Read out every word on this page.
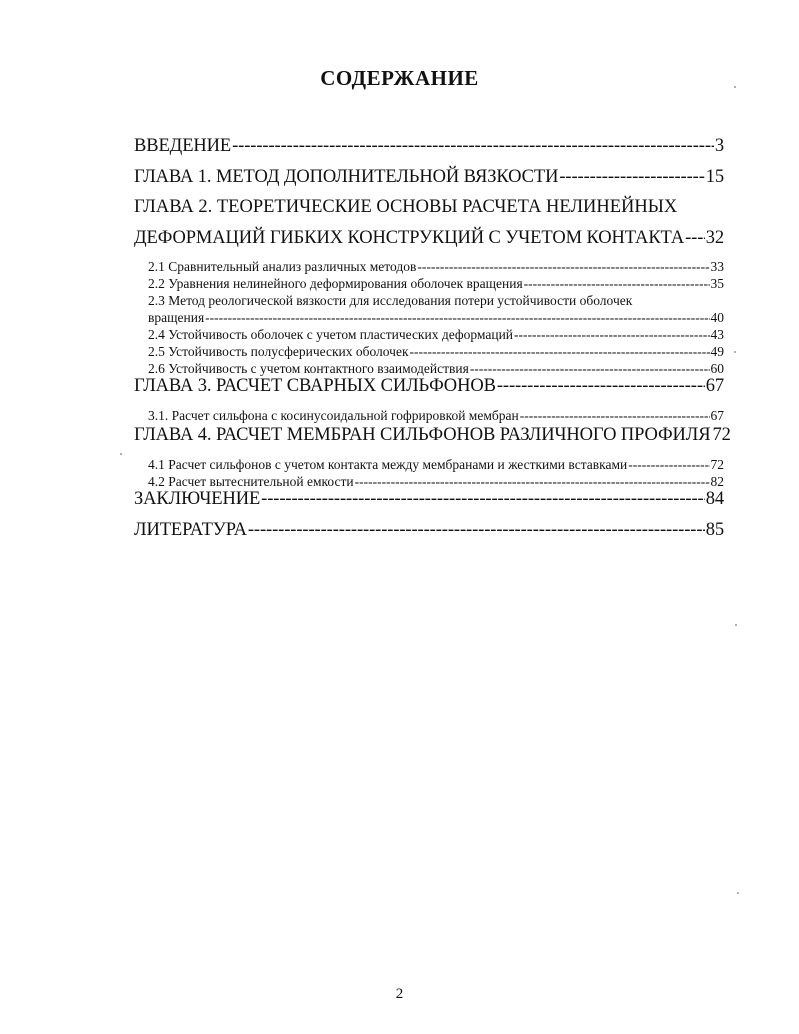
СОДЕРЖАНИЕ
ВВЕДЕНИЕ -----	3
ГЛАВА 1. МЕТОД ДОПОЛНИТЕЛЬНОЙ ВЯЗКОСТИ -----	15
ГЛАВА 2. ТЕОРЕТИЧЕСКИЕ ОСНОВЫ РАСЧЕТА НЕЛИНЕЙНЫХ
ДЕФОРМАЦИЙ ГИБКИХ КОНСТРУКЦИЙ С УЧЕТОМ КОНТАКТА ----- 32
2.1 Сравнительный анализ различных методов -----	33
2.2 Уравнения нелинейного деформирования оболочек вращения -----	35
2.3 Метод реологической вязкости для исследования потери устойчивости оболочек
вращения -----	40
2.4 Устойчивость оболочек с учетом пластических деформаций -----	43
2.5 Устойчивость полусферических оболочек -----	49
2.6 Устойчивость с учетом контактного взаимодействия -----	60
ГЛАВА 3. РАСЧЕТ СВАРНЫХ СИЛЬФОНОВ -----	67
3.1. Расчет сильфона с косинусоидальной гофрировкой мембран -----	67
ГЛАВА 4. РАСЧЕТ МЕМБРАН СИЛЬФОНОВ РАЗЛИЧНОГО ПРОФИЛЯ 72
4.1 Расчет сильфонов с учетом контакта между мембранами и жесткими вставками -----	72
4.2 Расчет вытеснительной емкости -----	82
ЗАКЛЮЧЕНИЕ -----	84
ЛИТЕРАТУРА -----	85
2
